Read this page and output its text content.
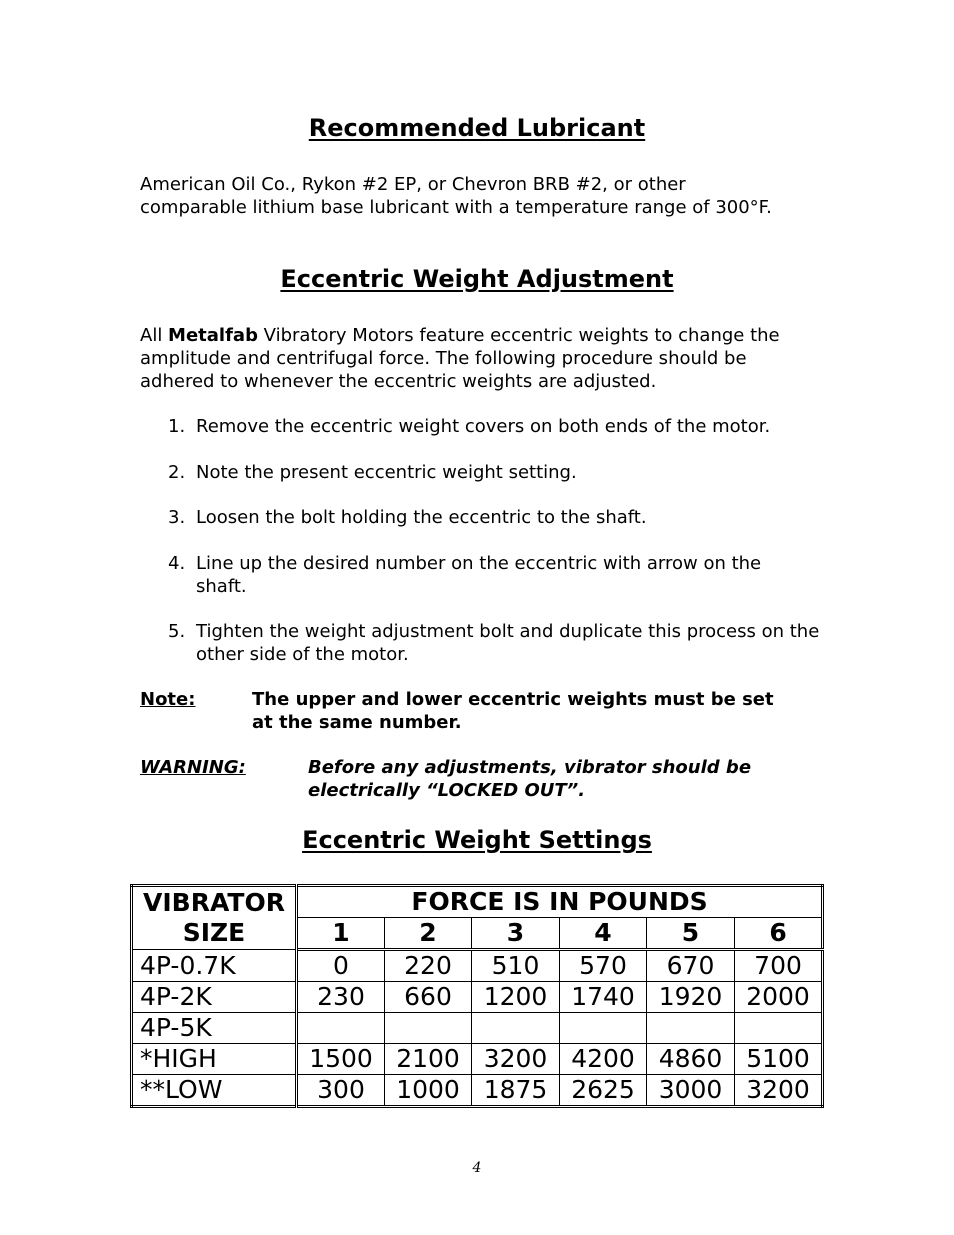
Recommended Lubricant

American Oil Co., Rykon #2 EP, or Chevron BRB #2, or other
comparable lithium base lubricant with a temperature range of 300°F.

Eccentric Weight Adjustment

All Metalfab Vibratory Motors feature eccentric weights to change the
amplitude and centrifugal force. The following procedure should be
adhered to whenever the eccentric weights are adjusted.

1. Remove the eccentric weight covers on both ends of the motor.
2. Note the present eccentric weight setting.
3. Loosen the bolt holding the eccentric to the shaft.
4. Line up the desired number on the eccentric with arrow on the shaft.
5. Tighten the weight adjustment bolt and duplicate this process on the other side of the motor.
Note:	The upper and lower eccentric weights must be set
at the same number.
WARNING:	Before any adjustments, vibrator should be
electrically “LOCKED OUT”.
Eccentric Weight Settings
VIBRATOR
SIZE	FORCE IS IN POUNDS					
	1	2	3	4	5	6
4P-0.7K	0	220	510	570	670	700
4P-2K	230	660	1200	1740	1920	2000
4P-5K						
*HIGH	1500	2100	3200	4200	4860	5100
**LOW	300	1000	1875	2625	3000	3200
4
